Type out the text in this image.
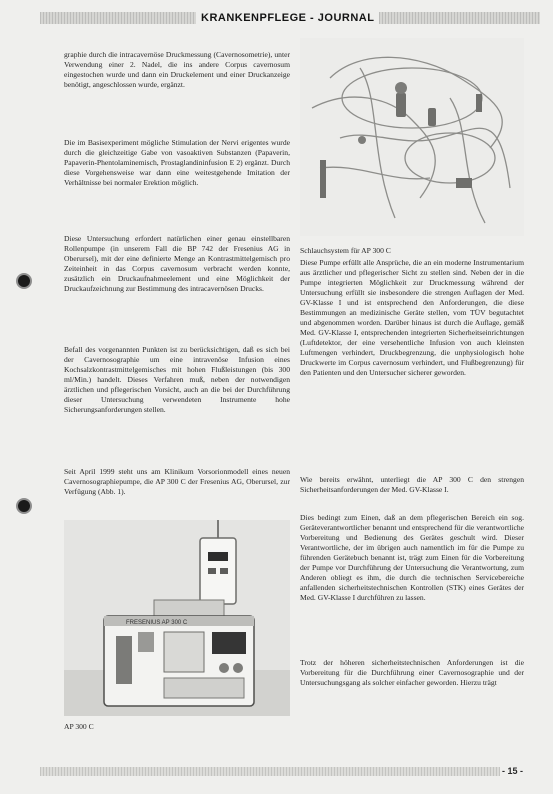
KRANKENPFLEGE - JOURNAL

graphie durch die intracavernöse Druckmessung (Cavernosometrie), unter Verwendung einer 2. Nadel, die ins andere Corpus cavernosum eingestochen wurde und dann ein Druckelement und einer Druckanzeige benötigt, angeschlossen wurde, ergänzt.

Die im Basisexperiment mögliche Stimulation der Nervi erigentes wurde durch die gleichzeitige Gabe von vasoaktiven Substanzen (Papaverin, Papaverin-Phentolaminemisch, Prostaglandininfusion E 2) ergänzt. Durch diese Vorgehensweise war dann eine weitestgehende Imitation der Verhältnisse bei normaler Erektion möglich.

Diese Untersuchung erfordert natürlichen einer genau einstellbaren Rollenpumpe (in unserem Fall die BP 742 der Fresenius AG in Oberursel), mit der eine definierte Menge an Kontrastmittelgemisch pro Zeiteinheit in das Corpus cavernosum verbracht werden konnte, zusätzlich ein Druckaufnahmeelement und eine Möglichkeit der Druckaufzeichnung zur Bestimmung des intracavernösen Drucks.

Befall des vorgenannten Punkten ist zu berücksichtigen, daß es sich bei der Cavernosographie um eine intravenöse Infusion eines Kochsalzkontrastmittelgemisches mit hohen Flußleistungen (bis 300 ml/Min.) handelt. Dieses Verfahren muß, neben der notwendigen ärztlichen und pflegerischen Vorsicht, auch an die bei der Durchführung dieser Untersuchung verwendeten Instrumente hohe Sicherungsanforderungen stellen.

Seit April 1999 steht uns am Klinikum Vorsorionmodell eines neuen Cavernosographiepumpe, die AP 300 C der Fresenius AG, Oberursel, zur Verfügung (Abb. 1).

Schlauchsystem für AP 300 C

Diese Pumpe erfüllt alle Ansprüche, die an ein moderne Instrumentarium aus ärztlicher und pflegerischer Sicht zu stellen sind. Neben der in die Pumpe integrierten Möglichkeit zur Druckmessung während der Untersuchung erfüllt sie insbesondere die strengen Auflagen der Med. GV-Klasse I und ist entsprechend den Anforderungen, die diese Bestimmungen an medizinische Geräte stellen, vom TÜV begutachtet und abgenommen worden. Darüber hinaus ist durch die Auflage, gemäß Med. GV-Klasse I, entsprechenden integrierten Sicherheitseinrichtungen (Luftdetektor, der eine versehentliche Infusion von auch kleinsten Luftmengen verhindert, Druckbegrenzung, die unphysiologisch hohe Druckwerte im Corpus cavernosum verhindert, und Flußbegrenzung) für den Patienten und den Untersucher sicherer geworden.

Wie bereits erwähnt, unterliegt die AP 300 C den strengen Sicherheitsanforderungen der Med. GV-Klasse I.

Dies bedingt zum Einen, daß an dem pflegerischen Bereich ein sog. Geräteverantwortlicher benannt und entsprechend für die verantwortliche Vorbereitung und Bedienung des Gerätes geschult wird. Dieser Verantwortliche, der im übrigen auch namentlich im für die Pumpe zu führenden Gerätebuch benannt ist, trägt zum Einen für die Vorbereitung der Pumpe vor Durchführung der Untersuchung die Verantwortung, zum Anderen obliegt es ihm, die durch die technischen Servicebereiche anfallenden sicherheitstechnischen Kontrollen (STK) eines Gerätes der Med. GV-Klasse I durchführen zu lassen.

Trotz der höheren sicherheitstechnischen Anforderungen ist die Vorbereitung für die Durchführung einer Cavernosographie und der Untersuchungsgang als solcher einfacher geworden. Hierzu trägt

FRESENIUS AP 300 C
AP 300 C
- 15 -
